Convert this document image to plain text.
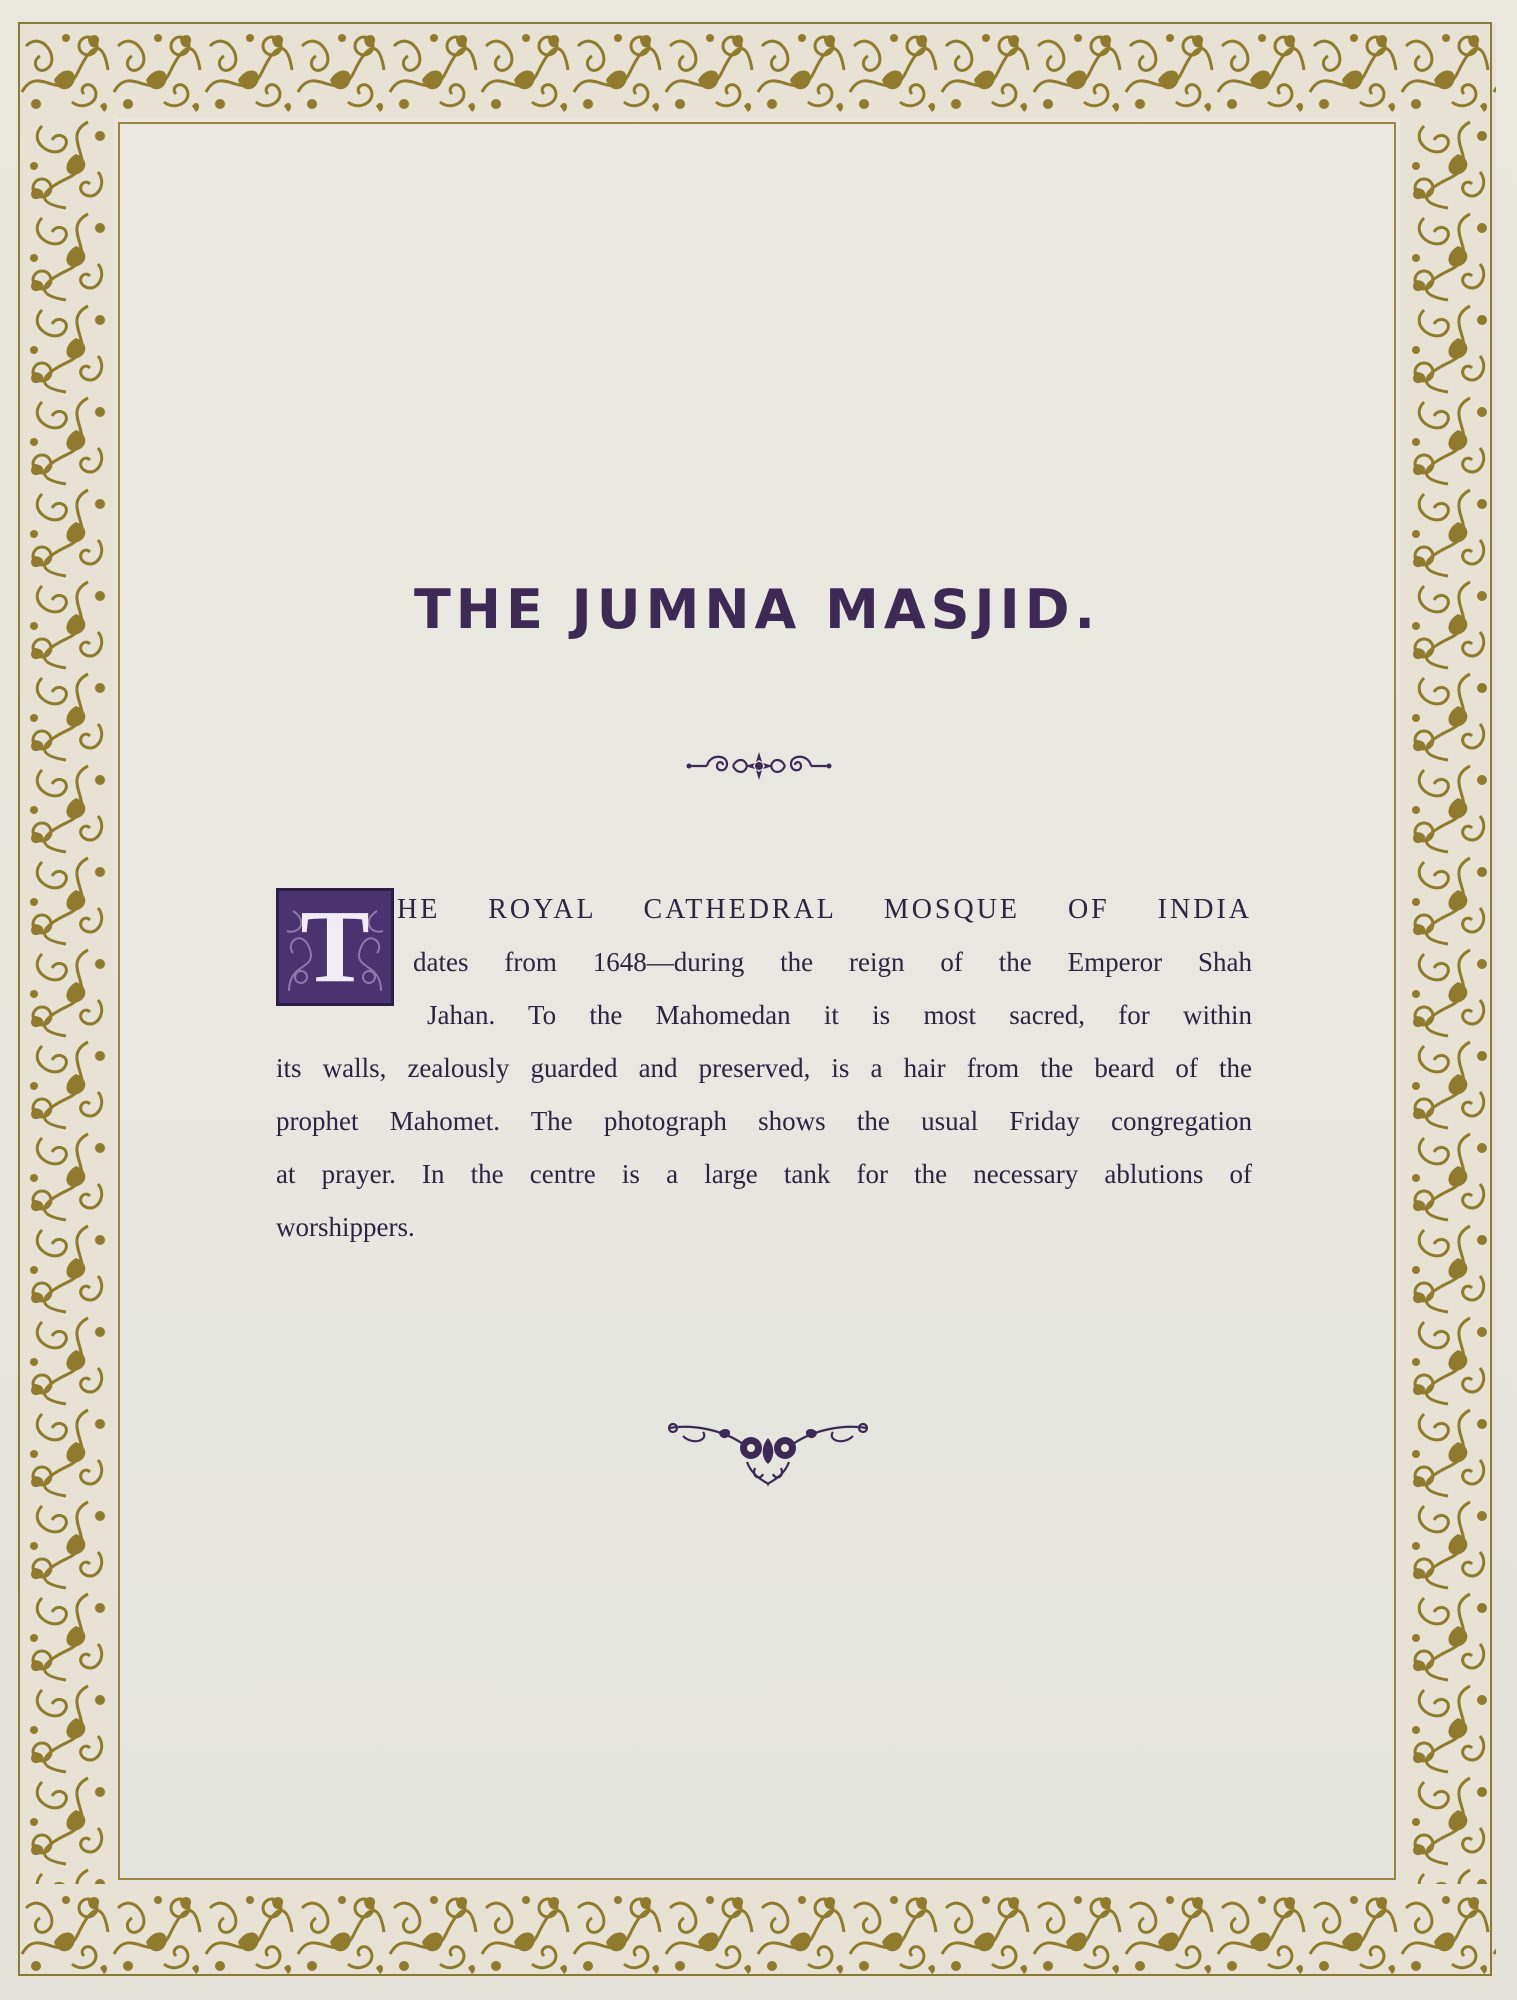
THE JUMNA MASJID.
T HE ROYAL CATHEDRAL MOSQUE OF INDIA
dates from 1648—during the reign of the Emperor Shah
Jahan. To the Mahomedan it is most sacred, for within
its walls, zealously guarded and preserved, is a hair from the beard of the
prophet Mahomet. The photograph shows the usual Friday congregation
at prayer. In the centre is a large tank for the necessary ablutions of
worshippers.
